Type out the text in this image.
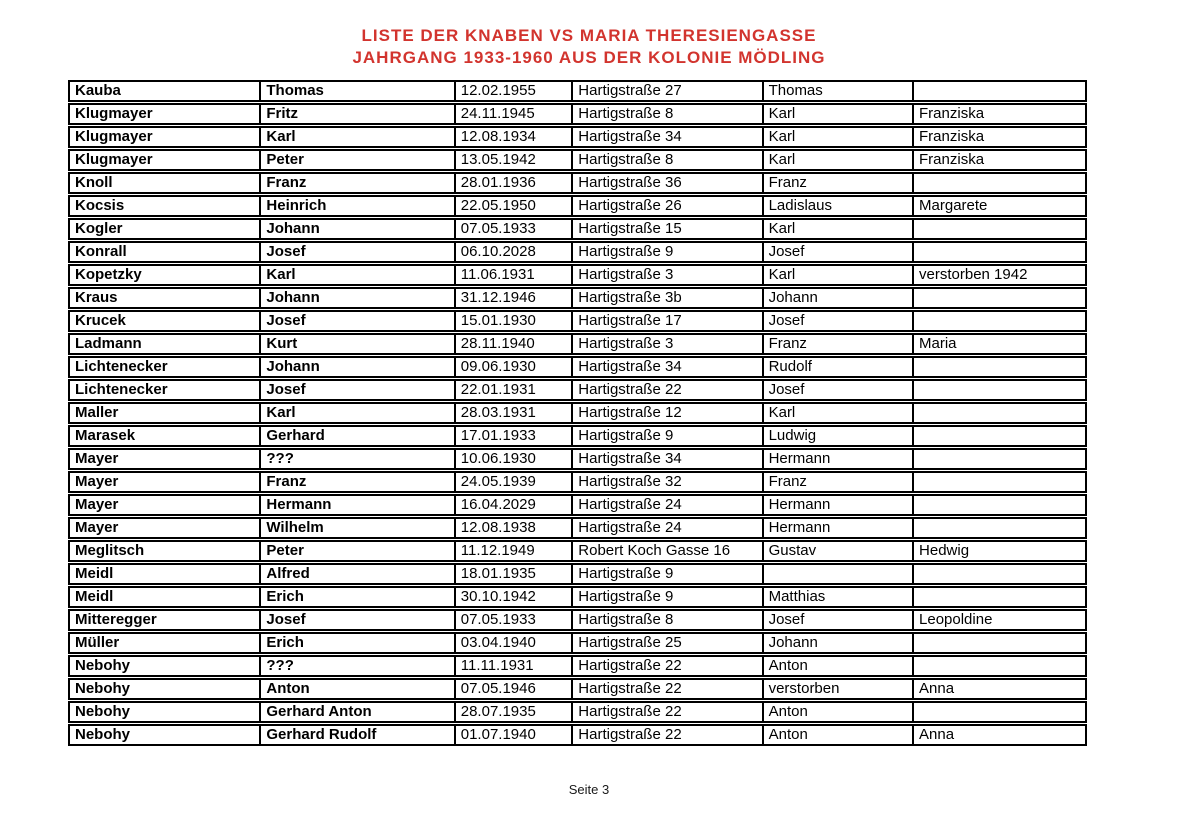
LISTE DER KNABEN VS MARIA THERESIENGASSE
JAHRGANG 1933-1960 AUS DER KOLONIE MÖDLING
Kauba	Thomas	12.02.1955	Hartigstraße 27	Thomas
Klugmayer	Fritz	24.11.1945	Hartigstraße 8	Karl	Franziska
Klugmayer	Karl	12.08.1934	Hartigstraße 34	Karl	Franziska
Klugmayer	Peter	13.05.1942	Hartigstraße 8	Karl	Franziska
Knoll	Franz	28.01.1936	Hartigstraße 36	Franz
Kocsis	Heinrich	22.05.1950	Hartigstraße 26	Ladislaus	Margarete
Kogler	Johann	07.05.1933	Hartigstraße 15	Karl
Konrall	Josef	06.10.2028	Hartigstraße 9	Josef
Kopetzky	Karl	11.06.1931	Hartigstraße 3	Karl	verstorben 1942
Kraus	Johann	31.12.1946	Hartigstraße 3b	Johann
Krucek	Josef	15.01.1930	Hartigstraße 17	Josef
Ladmann	Kurt	28.11.1940	Hartigstraße 3	Franz	Maria
Lichtenecker	Johann	09.06.1930	Hartigstraße 34	Rudolf
Lichtenecker	Josef	22.01.1931	Hartigstraße 22	Josef
Maller	Karl	28.03.1931	Hartigstraße 12	Karl
Marasek	Gerhard	17.01.1933	Hartigstraße 9	Ludwig
Mayer	???	10.06.1930	Hartigstraße 34	Hermann
Mayer	Franz	24.05.1939	Hartigstraße 32	Franz
Mayer	Hermann	16.04.2029	Hartigstraße 24	Hermann
Mayer	Wilhelm	12.08.1938	Hartigstraße 24	Hermann
Meglitsch	Peter	11.12.1949	Robert Koch Gasse 16	Gustav	Hedwig
Meidl	Alfred	18.01.1935	Hartigstraße 9
Meidl	Erich	30.10.1942	Hartigstraße 9	Matthias
Mitteregger	Josef	07.05.1933	Hartigstraße 8	Josef	Leopoldine
Müller	Erich	03.04.1940	Hartigstraße 25	Johann
Nebohy	???	11.11.1931	Hartigstraße 22	Anton
Nebohy	Anton	07.05.1946	Hartigstraße 22	verstorben	Anna
Nebohy	Gerhard Anton	28.07.1935	Hartigstraße 22	Anton
Nebohy	Gerhard Rudolf	01.07.1940	Hartigstraße 22	Anton	Anna
Seite 3
